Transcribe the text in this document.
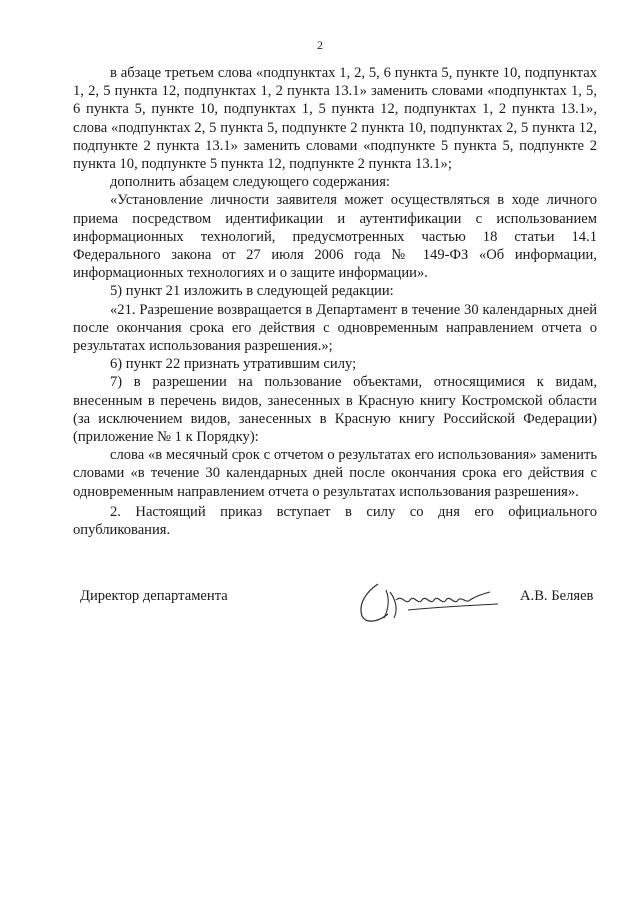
2

в абзаце третьем слова «подпунктах 1, 2, 5, 6 пункта 5, пункте 10, подпунктах 1, 2, 5 пункта 12, подпунктах 1, 2 пункта 13.1» заменить словами «подпунктах 1, 5, 6 пункта 5, пункте 10, подпунктах 1, 5 пункта 12, подпунктах 1, 2 пункта 13.1», слова «подпунктах 2, 5 пункта 5, подпункте 2 пункта 10, подпунктах 2, 5 пункта 12, подпункте 2 пункта 13.1» заменить словами «подпункте 5 пункта 5, подпункте 2 пункта 10, подпункте 5 пункта 12, подпункте 2 пункта 13.1»;

дополнить абзацем следующего содержания:

«Установление личности заявителя может осуществляться в ходе личного приема посредством идентификации и аутентификации с использованием информационных технологий, предусмотренных частью 18 статьи 14.1 Федерального закона от 27 июля 2006 года № 149-ФЗ «Об информации, информационных технологиях и о защите информации».

5) пункт 21 изложить в следующей редакции:

«21. Разрешение возвращается в Департамент в течение 30 календарных дней после окончания срока его действия с одновременным направлением отчета о результатах использования разрешения.»;

6) пункт 22 признать утратившим силу;

7) в разрешении на пользование объектами, относящимися к видам, внесенным в перечень видов, занесенных в Красную книгу Костромской области (за исключением видов, занесенных в Красную книгу Российской Федерации) (приложение № 1 к Порядку):

слова «в месячный срок с отчетом о результатах его использования» заменить словами «в течение 30 календарных дней после окончания срока его действия с одновременным направлением отчета о результатах использования разрешения».

2. Настоящий приказ вступает в силу со дня его официального опубликования.

Директор департамента	А.В. Беляев
